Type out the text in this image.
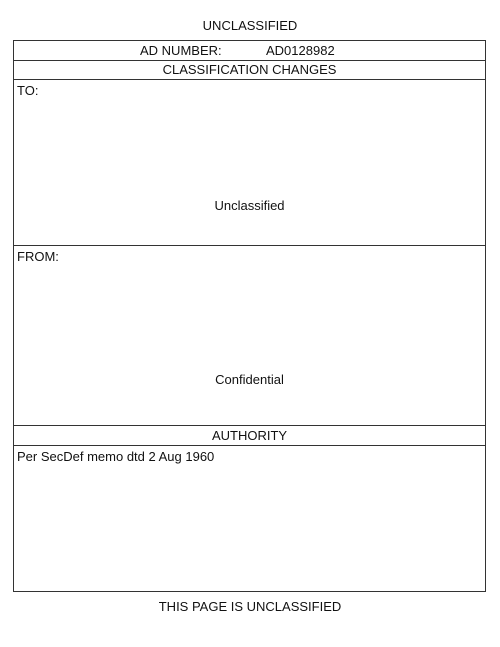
UNCLASSIFIED
AD NUMBER:	AD0128982
CLASSIFICATION CHANGES
TO:
Unclassified
FROM:
Confidential
AUTHORITY
Per SecDef memo dtd 2 Aug 1960
THIS PAGE IS UNCLASSIFIED
